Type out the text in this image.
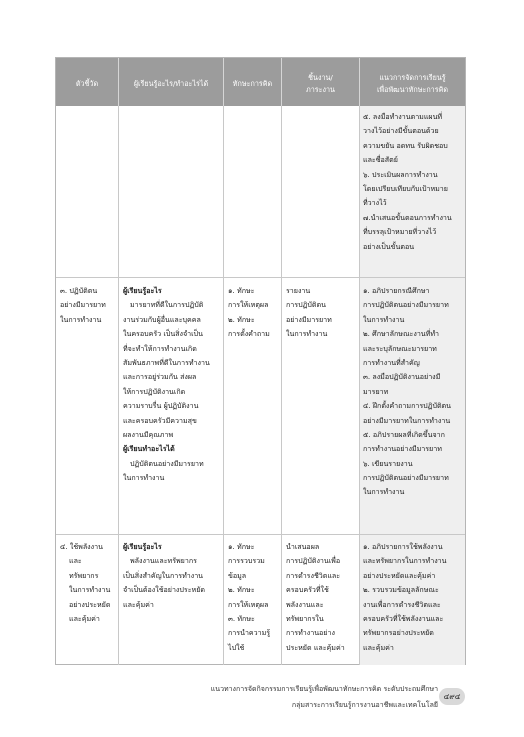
ตัวชี้วัด	ผู้เรียนรู้อะไร/ทำอะไรได้	ทักษะการคิด
ชิ้นงาน/
ภาระงาน
แนวการจัดการเรียนรู้
เพื่อพัฒนาทักษะการคิด
๕. ลงมือทำงานตามแผนที่
วางไว้อย่างมีขั้นตอนด้วย
ความขยัน อดทน รับผิดชอบ
และซื่อสัตย์
๖. ประเมินผลการทำงาน
โดยเปรียบเทียบกับเป้าหมาย
ที่วางไว้
๗.นำเสนอขั้นตอนการทำงาน
ที่บรรลุเป้าหมายที่วางไว้
อย่างเป็นขั้นตอน
๓. ปฏิบัติตน
อย่างมีมารยาท
ในการทำงาน
ผู้เรียนรู้อะไร
มารยาทที่ดีในการปฏิบัติ
งานร่วมกับผู้อื่นและบุคคล
ในครอบครัว เป็นสิ่งจำเป็น
ที่จะทำให้การทำงานเกิด
สัมพันธภาพที่ดีในการทำงาน
และการอยู่ร่วมกัน ส่งผล
ให้การปฏิบัติงานเกิด
ความราบรื่น ผู้ปฏิบัติงาน
และครอบครัวมีความสุข
ผลงานมีคุณภาพ
ผู้เรียนทำอะไรได้
ปฏิบัติตนอย่างมีมารยาท
ในการทำงาน
๑. ทักษะ
การให้เหตุผล
๒. ทักษะ
การตั้งคำถาม
รายงาน
การปฏิบัติตน
อย่างมีมารยาท
ในการทำงาน
๑. อภิปรายกรณีศึกษา
การปฏิบัติตนอย่างมีมารยาท
ในการทำงาน
๒. ศึกษาลักษณะงานที่ทำ
และระบุลักษณะมารยาท
การทำงานที่สำคัญ
๓. ลงมือปฏิบัติงานอย่างมี
มารยาท
๔. ฝึกตั้งคำถามการปฏิบัติตน
อย่างมีมารยาทในการทำงาน
๕. อภิปรายผลที่เกิดขึ้นจาก
การทำงานอย่างมีมารยาท
๖. เขียนรายงาน
การปฏิบัติตนอย่างมีมารยาท
ในการทำงาน
๔. ใช้พลังงาน
และ
ทรัพยากร
ในการทำงาน
อย่างประหยัด
และคุ้มค่า
ผู้เรียนรู้อะไร
พลังงานและทรัพยากร
เป็นสิ่งสำคัญในการทำงาน
จำเป็นต้องใช้อย่างประหยัด
และคุ้มค่า
๑. ทักษะ
การรวบรวม
ข้อมูล
๒. ทักษะ
การให้เหตุผล
๓. ทักษะ
การนำความรู้
ไปใช้
นำเสนอผล
การปฏิบัติงานเพื่อ
การดำรงชีวิตและ
ครอบครัวที่ใช้
พลังงานและ
ทรัพยากรใน
การทำงานอย่าง
ประหยัด และคุ้มค่า
๑. อภิปรายการใช้พลังงาน
และทรัพยากรในการทำงาน
อย่างประหยัดและคุ้มค่า
๒. รวบรวมข้อมูลลักษณะ
งานเพื่อการดำรงชีวิตและ
ครอบครัวที่ใช้พลังงานและ
ทรัพยากรอย่างประหยัด
และคุ้มค่า
แนวทางการจัดกิจกรรมการเรียนรู้เพื่อพัฒนาทักษะการคิด ระดับประถมศึกษา
กลุ่มสาระการเรียนรู้การงานอาชีพและเทคโนโลยี
๔๙๔
